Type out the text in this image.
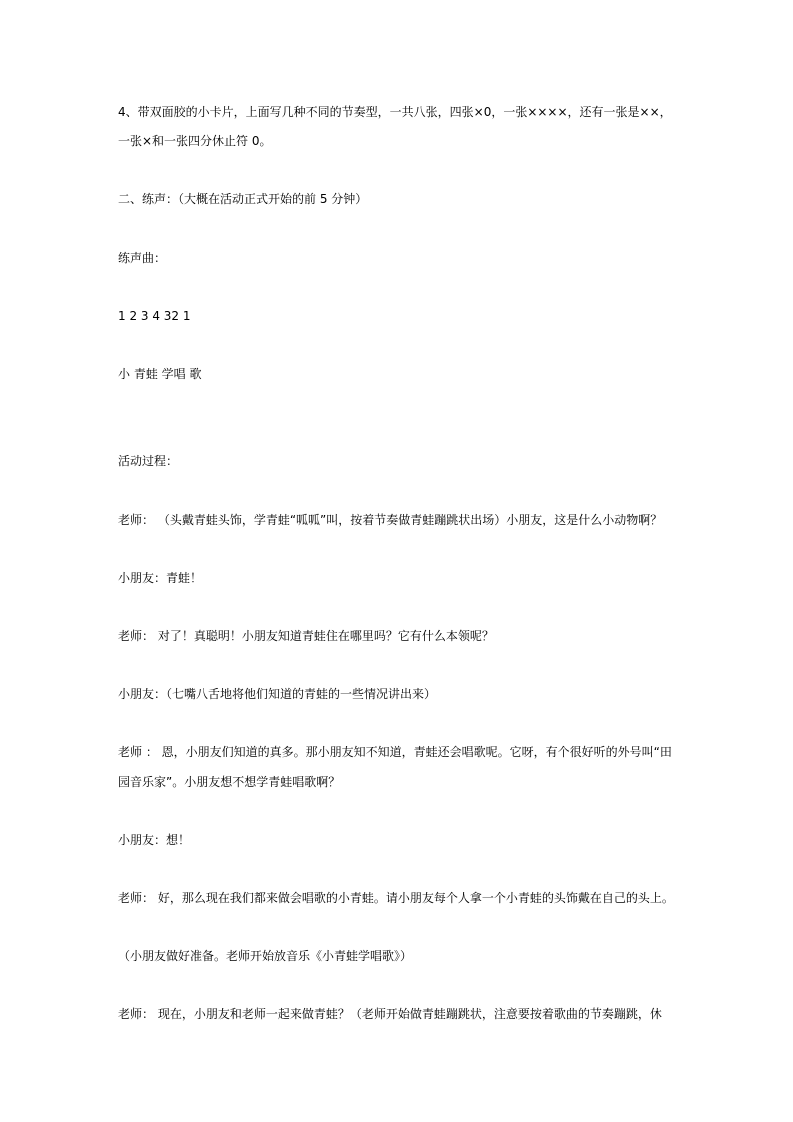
4、带双面胶的小卡片，上面写几种不同的节奏型，一共八张，四张×0，一张××××，还有一张是××，
一张×和一张四分休止符 0。
二、练声：（大概在活动正式开始的前 5 分钟）
练声曲：
1 2 3 4 32 1
小 青蛙 学唱 歌
活动过程：
老师： （头戴青蛙头饰，学青蛙“呱呱”叫，按着节奏做青蛙蹦跳状出场）小朋友，这是什么小动物啊？
小朋友：青蛙！
老师： 对了！真聪明！小朋友知道青蛙住在哪里吗？它有什么本领呢？
小朋友：（七嘴八舌地将他们知道的青蛙的一些情况讲出来）
老师 ： 恩，小朋友们知道的真多。那小朋友知不知道，青蛙还会唱歌呢。它呀，有个很好听的外号叫“田
园音乐家”。小朋友想不想学青蛙唱歌啊？
小朋友：想！
老师： 好，那么现在我们都来做会唱歌的小青蛙。请小朋友每个人拿一个小青蛙的头饰戴在自己的头上。
（小朋友做好准备。老师开始放音乐《小青蛙学唱歌》）
老师： 现在，小朋友和老师一起来做青蛙？（老师开始做青蛙蹦跳状，注意要按着歌曲的节奏蹦跳，休
